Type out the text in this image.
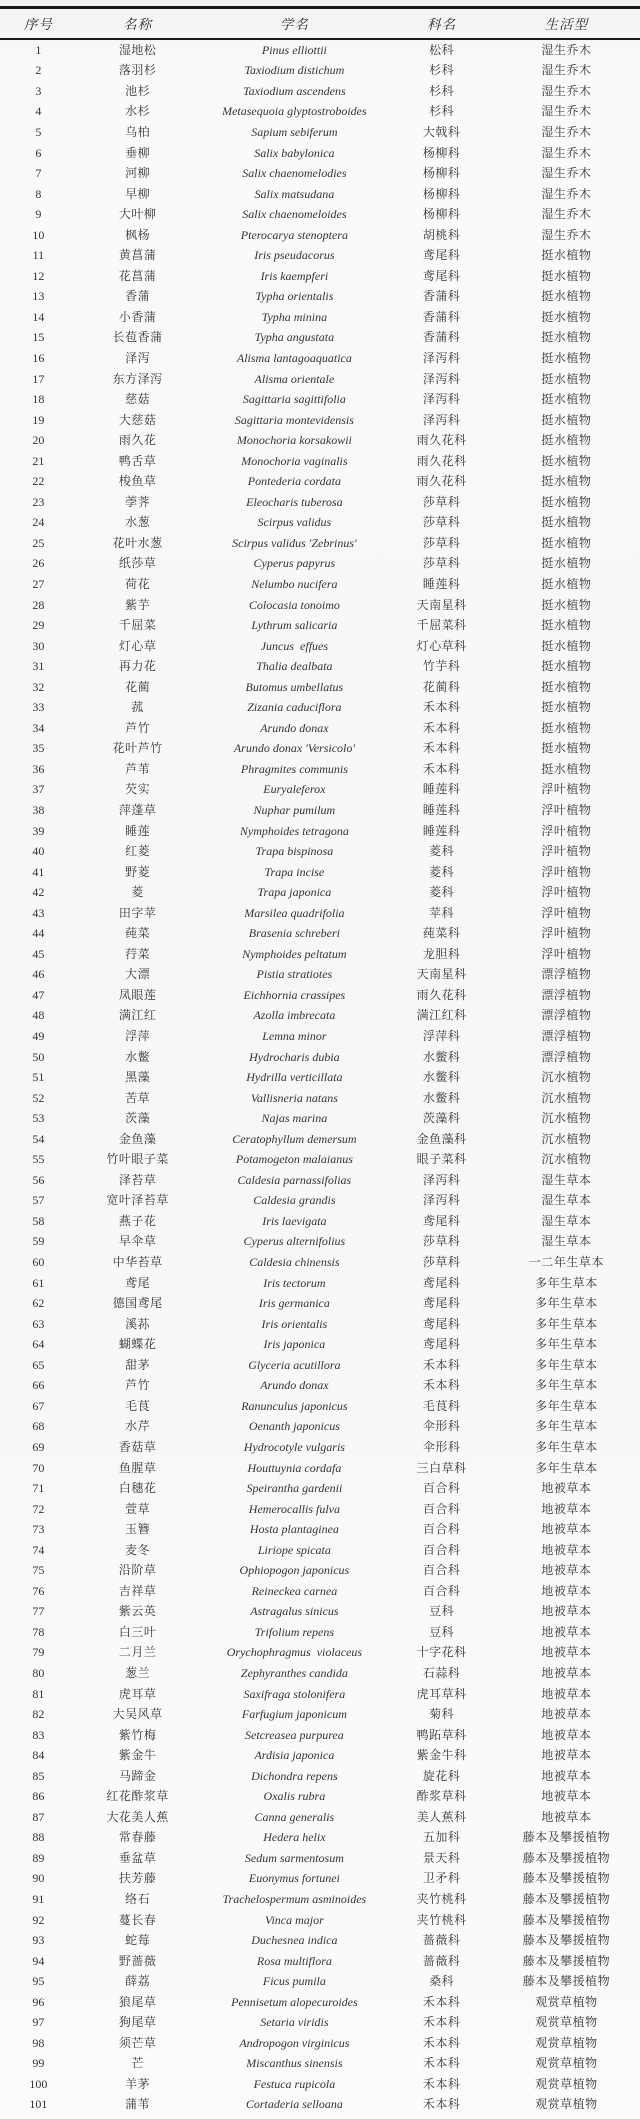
序号	名称	学名	科名	生活型
1	湿地松	Pinus elliottii	松科	湿生乔木
2	落羽杉	Taxiodium distichum	杉科	湿生乔木
3	池杉	Taxiodium ascendens	杉科	湿生乔木
4	水杉	Metasequoia glyptostroboides	杉科	湿生乔木
5	乌柏	Sapium sebiferum	大戟科	湿生乔木
6	垂柳	Salix babylonica	杨柳科	湿生乔木
7	河柳	Salix chaenomelodies	杨柳科	湿生乔木
8	早柳	Salix matsudana	杨柳科	湿生乔木
9	大叶柳	Salix chaenomeloides	杨柳科	湿生乔木
10	枫杨	Pterocarya stenoptera	胡桃科	湿生乔木
11	黄菖蒲	Iris pseudacorus	鸢尾科	挺水植物
12	花菖蒲	Iris kaempferi	鸢尾科	挺水植物
13	香蒲	Typha orientalis	香蒲科	挺水植物
14	小香蒲	Typha minina	香蒲科	挺水植物
15	长苞香蒲	Typha angustata	香蒲科	挺水植物
16	泽泻	Alisma lantagoaquatica	泽泻科	挺水植物
17	东方泽泻	Alisma orientale	泽泻科	挺水植物
18	慈菇	Sagittaria sagittifolia	泽泻科	挺水植物
19	大慈菇	Sagittaria montevidensis	泽泻科	挺水植物
20	雨久花	Monochoria korsakowii	雨久花科	挺水植物
21	鸭舌草	Monochoria vaginalis	雨久花科	挺水植物
22	梭鱼草	Pontederia cordata	雨久花科	挺水植物
23	荸荠	Eleocharis tuberosa	莎草科	挺水植物
24	水葱	Scirpus validus	莎草科	挺水植物
25	花叶水葱	Scirpus validus 'Zebrinus'	莎草科	挺水植物
26	纸莎草	Cyperus papyrus	莎草科	挺水植物
27	荷花	Nelumbo nucifera	睡莲科	挺水植物
28	紫芋	Colocasia tonoimo	天南星科	挺水植物
29	千屈菜	Lythrum salicaria	千屈菜科	挺水植物
30	灯心草	Juncus  effues	灯心草科	挺水植物
31	再力花	Thalia dealbata	竹芋科	挺水植物
32	花蔺	Butomus umbellatus	花蔺科	挺水植物
33	菰	Zizania caduciflora	禾本科	挺水植物
34	芦竹	Arundo donax	禾本科	挺水植物
35	花叶芦竹	Arundo donax 'Versicolo'	禾本科	挺水植物
36	芦苇	Phragmites communis	禾本科	挺水植物
37	芡实	Euryaleferox	睡莲科	浮叶植物
38	萍蓬草	Nuphar pumilum	睡莲科	浮叶植物
39	睡莲	Nymphoides tetragona	睡莲科	浮叶植物
40	红菱	Trapa bispinosa	菱科	浮叶植物
41	野菱	Trapa incise	菱科	浮叶植物
42	菱	Trapa japonica	菱科	浮叶植物
43	田字苹	Marsilea quadrifolia	苹科	浮叶植物
44	莼菜	Brasenia schreberi	莼菜科	浮叶植物
45	荇菜	Nymphoides peltatum	龙胆科	浮叶植物
46	大漂	Pistia stratiotes	天南星科	漂浮植物
47	凤眼莲	Eichhornia crassipes	雨久花科	漂浮植物
48	满江红	Azolla imbrecata	满江红科	漂浮植物
49	浮萍	Lemna minor	浮萍科	漂浮植物
50	水鳖	Hydrocharis dubia	水鳖科	漂浮植物
51	黑藻	Hydrilla verticillata	水鳖科	沉水植物
52	苦草	Vallisneria natans	水鳖科	沉水植物
53	茨藻	Najas marina	茨藻科	沉水植物
54	金鱼藻	Ceratophyllum demersum	金鱼藻科	沉水植物
55	竹叶眼子菜	Potamogeton malaianus	眼子菜科	沉水植物
56	泽苔草	Caldesia parnassifolias	泽泻科	湿生草本
57	宽叶泽苔草	Caldesia grandis	泽泻科	湿生草本
58	燕子花	Iris laevigata	鸢尾科	湿生草本
59	早伞草	Cyperus alternifolius	莎草科	湿生草本
60	中华苔草	Caldesia chinensis	莎草科	一二年生草本
61	鸢尾	Iris tectorum	鸢尾科	多年生草本
62	德国鸢尾	Iris germanica	鸢尾科	多年生草本
63	溪荪	Iris orientalis	鸢尾科	多年生草本
64	蝴蝶花	Iris japonica	鸢尾科	多年生草本
65	甜茅	Glyceria acutillora	禾本科	多年生草本
66	芦竹	Arundo donax	禾本科	多年生草本
67	毛茛	Ranunculus japonicus	毛茛科	多年生草本
68	水芹	Oenanth japonicus	伞形科	多年生草本
69	香菇草	Hydrocotyle vulgaris	伞形科	多年生草本
70	鱼腥草	Houttuynia cordafa	三白草科	多年生草本
71	白穗花	Speirantha gardenii	百合科	地被草本
72	萱草	Hemerocallis fulva	百合科	地被草本
73	玉簪	Hosta plantaginea	百合科	地被草本
74	麦冬	Liriope spicata	百合科	地被草本
75	沿阶草	Ophiopogon japonicus	百合科	地被草本
76	吉祥草	Reineckea carnea	百合科	地被草本
77	紫云英	Astragalus sinicus	豆科	地被草本
78	白三叶	Trifolium repens	豆科	地被草本
79	二月兰	Orychophragmus  violaceus	十字花科	地被草本
80	葱兰	Zephyranthes candida	石蒜科	地被草本
81	虎耳草	Saxifraga stolonifera	虎耳草科	地被草本
82	大吴风草	Farfugium japonicum	菊科	地被草本
83	紫竹梅	Setcreasea purpurea	鸭跖草科	地被草本
84	紫金牛	Ardisia japonica	紫金牛科	地被草本
85	马蹄金	Dichondra repens	旋花科	地被草本
86	红花酢浆草	Oxalis rubra	酢浆草科	地被草本
87	大花美人蕉	Canna generalis	美人蕉科	地被草本
88	常春藤	Hedera helix	五加科	藤本及攀援植物
89	垂盆草	Sedum sarmentosum	景天科	藤本及攀援植物
90	扶芳藤	Euonymus fortunei	卫矛科	藤本及攀援植物
91	络石	Trachelospermum asminoides	夹竹桃科	藤本及攀援植物
92	蔓长春	Vinca major	夹竹桃科	藤本及攀援植物
93	蛇莓	Duchesnea indica	蔷薇科	藤本及攀援植物
94	野蔷薇	Rosa multiflora	蔷薇科	藤本及攀援植物
95	薛荔	Ficus pumila	桑科	藤本及攀援植物
96	狼尾草	Pennisetum alopecuroides	禾本科	观赏草植物
97	狗尾草	Setaria viridis	禾本科	观赏草植物
98	须芒草	Andropogon virginicus	禾本科	观赏草植物
99	芒	Miscanthus sinensis	禾本科	观赏草植物
100	羊茅	Festuca rupicola	禾本科	观赏草植物
101	蒲苇	Cortaderia selloana	禾本科	观赏草植物
